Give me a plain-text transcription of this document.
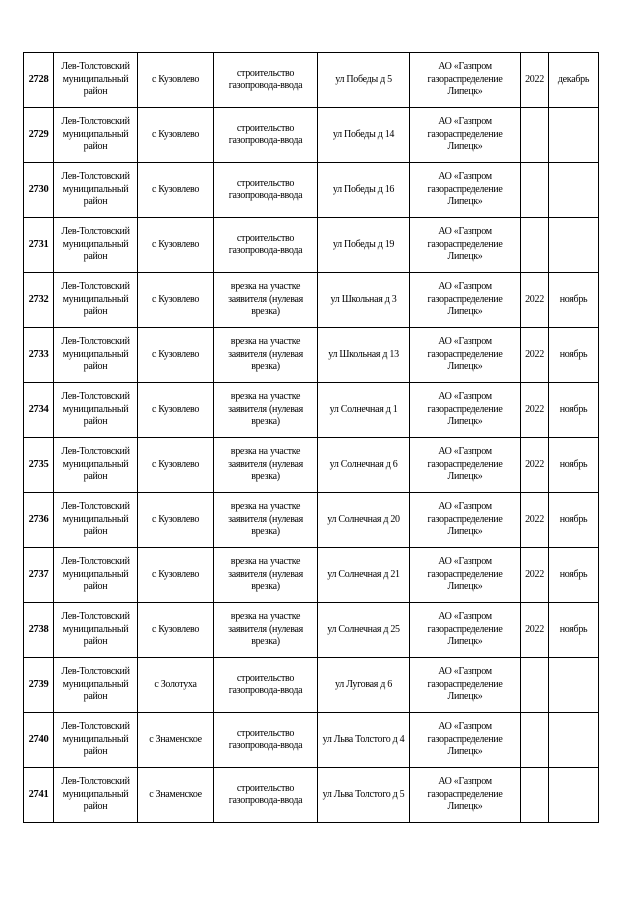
2728	Лев-Толстовский муниципальный район	с Кузовлево	строительство газопровода-ввода	ул Победы д 5	АО «Газпром газораспределение Липецк»	2022	декабрь
2729	Лев-Толстовский муниципальный район	с Кузовлево	строительство газопровода-ввода	ул Победы д 14	АО «Газпром газораспределение Липецк»		
2730	Лев-Толстовский муниципальный район	с Кузовлево	строительство газопровода-ввода	ул Победы д 16	АО «Газпром газораспределение Липецк»		
2731	Лев-Толстовский муниципальный район	с Кузовлево	строительство газопровода-ввода	ул Победы д 19	АО «Газпром газораспределение Липецк»		
2732	Лев-Толстовский муниципальный район	с Кузовлево	врезка на участке заявителя (нулевая врезка)	ул Школьная д 3	АО «Газпром газораспределение Липецк»	2022	ноябрь
2733	Лев-Толстовский муниципальный район	с Кузовлево	врезка на участке заявителя (нулевая врезка)	ул Школьная д 13	АО «Газпром газораспределение Липецк»	2022	ноябрь
2734	Лев-Толстовский муниципальный район	с Кузовлево	врезка на участке заявителя (нулевая врезка)	ул Солнечная д 1	АО «Газпром газораспределение Липецк»	2022	ноябрь
2735	Лев-Толстовский муниципальный район	с Кузовлево	врезка на участке заявителя (нулевая врезка)	ул Солнечная д 6	АО «Газпром газораспределение Липецк»	2022	ноябрь
2736	Лев-Толстовский муниципальный район	с Кузовлево	врезка на участке заявителя (нулевая врезка)	ул Солнечная д 20	АО «Газпром газораспределение Липецк»	2022	ноябрь
2737	Лев-Толстовский муниципальный район	с Кузовлево	врезка на участке заявителя (нулевая врезка)	ул Солнечная д 21	АО «Газпром газораспределение Липецк»	2022	ноябрь
2738	Лев-Толстовский муниципальный район	с Кузовлево	врезка на участке заявителя (нулевая врезка)	ул Солнечная д 25	АО «Газпром газораспределение Липецк»	2022	ноябрь
2739	Лев-Толстовский муниципальный район	с Золотуха	строительство газопровода-ввода	ул Луговая д 6	АО «Газпром газораспределение Липецк»		
2740	Лев-Толстовский муниципальный район	с Знаменское	строительство газопровода-ввода	ул Льва Толстого д 4	АО «Газпром газораспределение Липецк»		
2741	Лев-Толстовский муниципальный район	с Знаменское	строительство газопровода-ввода	ул Льва Толстого д 5	АО «Газпром газораспределение Липецк»		
